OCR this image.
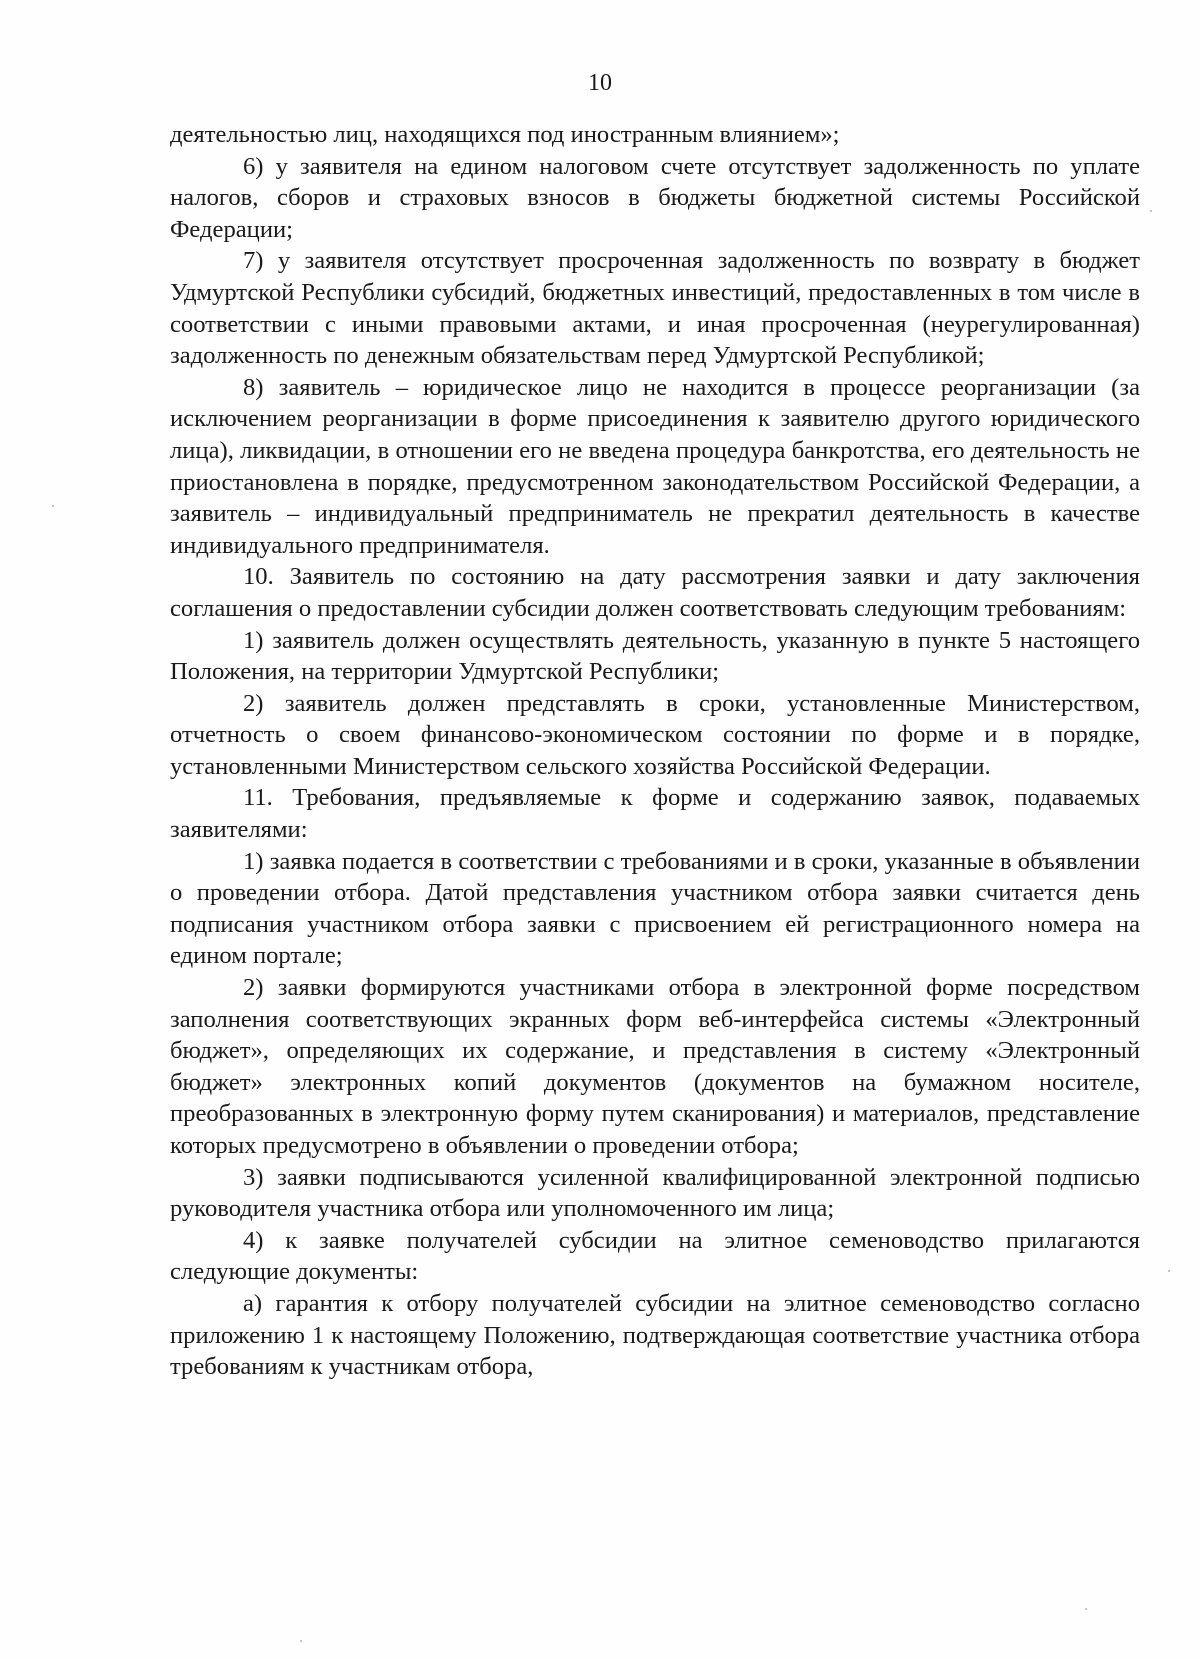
10

деятельностью лиц, находящихся под иностранным влиянием»;

6) у заявителя на едином налоговом счете отсутствует задолженность по уплате налогов, сборов и страховых взносов в бюджеты бюджетной системы Российской Федерации;

7) у заявителя отсутствует просроченная задолженность по возврату в бюджет Удмуртской Республики субсидий, бюджетных инвестиций, предоставленных в том числе в соответствии с иными правовыми актами, и иная просроченная (неурегулированная) задолженность по денежным обязательствам перед Удмуртской Республикой;

8) заявитель – юридическое лицо не находится в процессе реорганизации (за исключением реорганизации в форме присоединения к заявителю другого юридического лица), ликвидации, в отношении его не введена процедура банкротства, его деятельность не приостановлена в порядке, предусмотренном законодательством Российской Федерации, а заявитель – индивидуальный предприниматель не прекратил деятельность в качестве индивидуального предпринимателя.

10. Заявитель по состоянию на дату рассмотрения заявки и дату заключения соглашения о предоставлении субсидии должен соответствовать следующим требованиям:

1) заявитель должен осуществлять деятельность, указанную в пункте 5 настоящего Положения, на территории Удмуртской Республики;

2) заявитель должен представлять в сроки, установленные Министерством, отчетность о своем финансово-экономическом состоянии по форме и в порядке, установленными Министерством сельского хозяйства Российской Федерации.

11. Требования, предъявляемые к форме и содержанию заявок, подаваемых заявителями:

1) заявка подается в соответствии с требованиями и в сроки, указанные в объявлении о проведении отбора. Датой представления участником отбора заявки считается день подписания участником отбора заявки с присвоением ей регистрационного номера на едином портале;

2) заявки формируются участниками отбора в электронной форме посредством заполнения соответствующих экранных форм веб-интерфейса системы «Электронный бюджет», определяющих их содержание, и представления в систему «Электронный бюджет» электронных копий документов (документов на бумажном носителе, преобразованных в электронную форму путем сканирования) и материалов, представление которых предусмотрено в объявлении о проведении отбора;

3) заявки подписываются усиленной квалифицированной электронной подписью руководителя участника отбора или уполномоченного им лица;

4) к заявке получателей субсидии на элитное семеноводство прилагаются следующие документы:

а) гарантия к отбору получателей субсидии на элитное семеноводство согласно приложению 1 к настоящему Положению, подтверждающая соответствие участника отбора требованиям к участникам отбора,
